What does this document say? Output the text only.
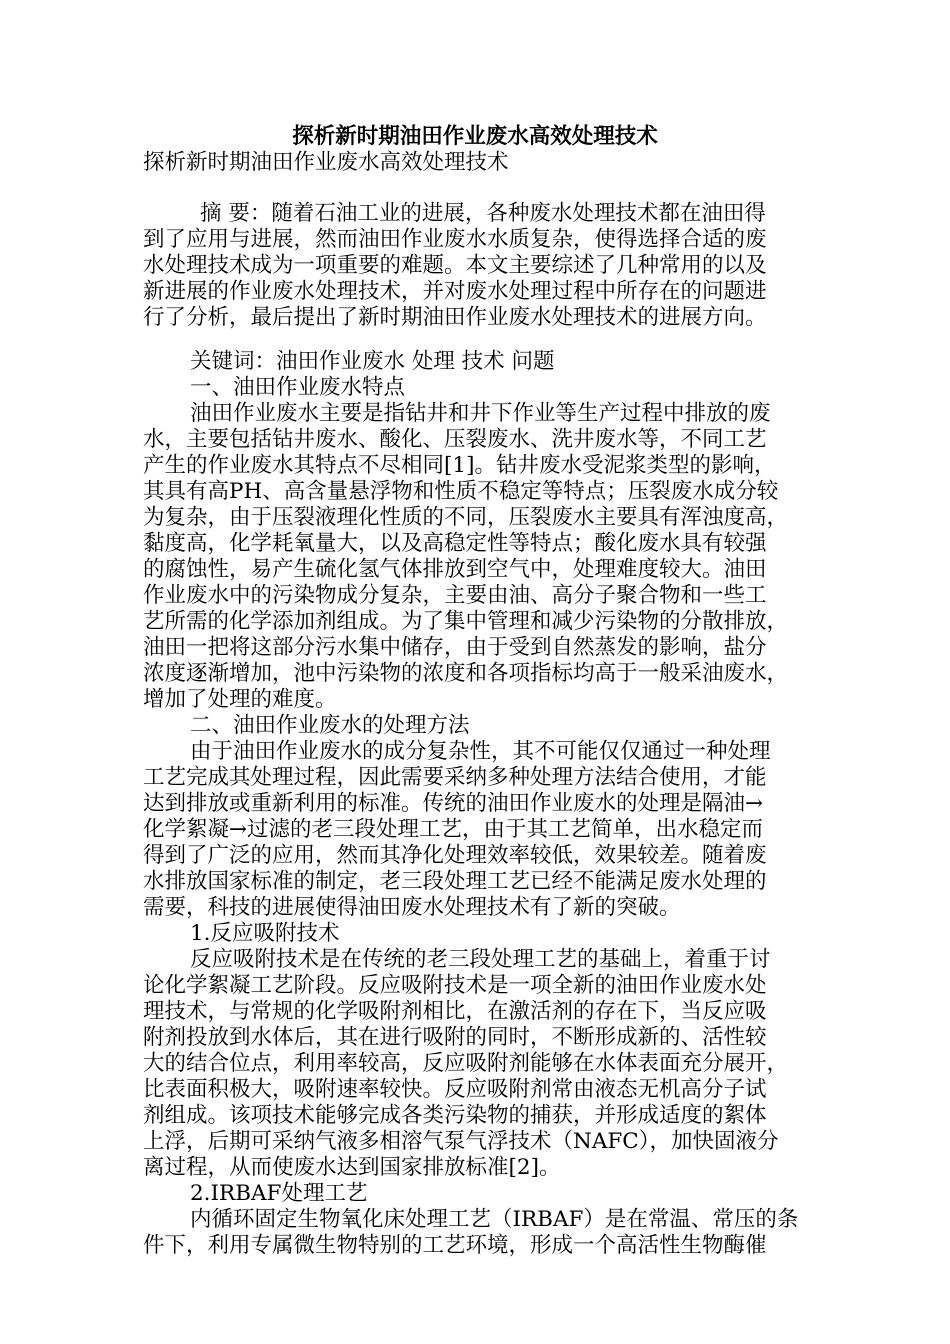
探析新时期油田作业废水高效处理技术
探析新时期油田作业废水高效处理技术
摘 要：随着石油工业的进展，各种废水处理技术都在油田得
到了应用与进展，然而油田作业废水水质复杂，使得选择合适的废
水处理技术成为一项重要的难题。本文主要综述了几种常用的以及
新进展的作业废水处理技术，并对废水处理过程中所存在的问题进
行了分析，最后提出了新时期油田作业废水处理技术的进展方向。
关键词：油田作业废水 处理 技术 问题
一、油田作业废水特点
油田作业废水主要是指钻井和井下作业等生产过程中排放的废
水，主要包括钻井废水、酸化、压裂废水、洗井废水等，不同工艺
产生的作业废水其特点不尽相同[1]。钻井废水受泥浆类型的影响，
其具有高PH、高含量悬浮物和性质不稳定等特点；压裂废水成分较
为复杂，由于压裂液理化性质的不同，压裂废水主要具有浑浊度高，
黏度高，化学耗氧量大，以及高稳定性等特点；酸化废水具有较强
的腐蚀性，易产生硫化氢气体排放到空气中，处理难度较大。油田
作业废水中的污染物成分复杂，主要由油、高分子聚合物和一些工
艺所需的化学添加剂组成。为了集中管理和减少污染物的分散排放，
油田一把将这部分污水集中储存，由于受到自然蒸发的影响，盐分
浓度逐渐增加，池中污染物的浓度和各项指标均高于一般采油废水，
增加了处理的难度。
二、油田作业废水的处理方法
由于油田作业废水的成分复杂性，其不可能仅仅通过一种处理
工艺完成其处理过程，因此需要采纳多种处理方法结合使用，才能
达到排放或重新利用的标准。传统的油田作业废水的处理是隔油→
化学絮凝→过滤的老三段处理工艺，由于其工艺简单，出水稳定而
得到了广泛的应用，然而其净化处理效率较低，效果较差。随着废
水排放国家标准的制定，老三段处理工艺已经不能满足废水处理的
需要，科技的进展使得油田废水处理技术有了新的突破。
1.反应吸附技术
反应吸附技术是在传统的老三段处理工艺的基础上，着重于讨
论化学絮凝工艺阶段。反应吸附技术是一项全新的油田作业废水处
理技术，与常规的化学吸附剂相比，在激活剂的存在下，当反应吸
附剂投放到水体后，其在进行吸附的同时，不断形成新的、活性较
大的结合位点，利用率较高，反应吸附剂能够在水体表面充分展开，
比表面积极大，吸附速率较快。反应吸附剂常由液态无机高分子试
剂组成。该项技术能够完成各类污染物的捕获，并形成适度的絮体
上浮，后期可采纳气液多相溶气泵气浮技术（NAFC），加快固液分
离过程，从而使废水达到国家排放标准[2]。
2.IRBAF处理工艺
内循环固定生物氧化床处理工艺（IRBAF）是在常温、常压的条
件下，利用专属微生物特别的工艺环境，形成一个高活性生物酶催
